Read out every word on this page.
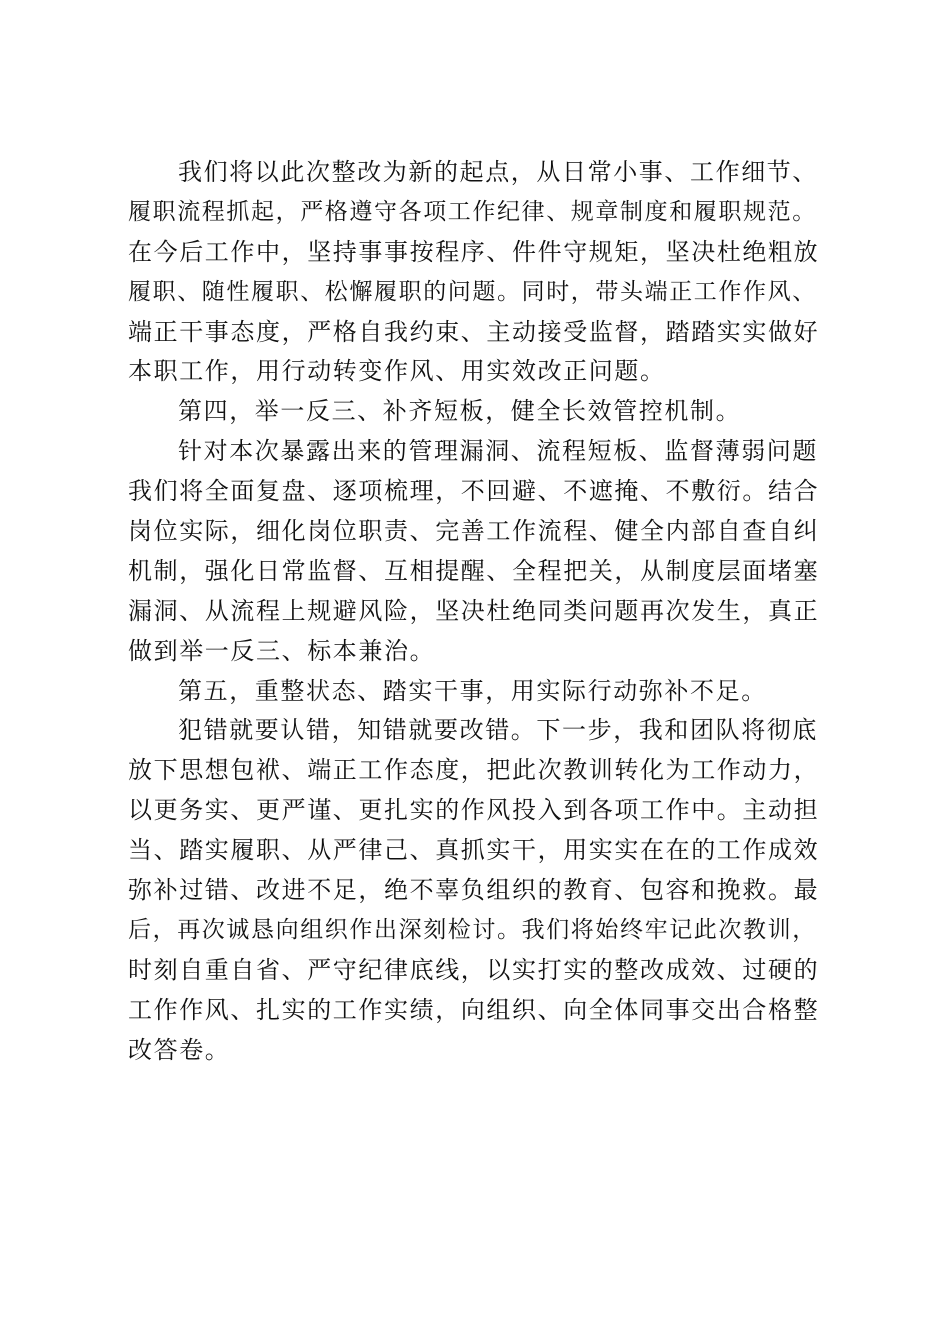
我们将以此次整改为新的起点，从日常小事、工作细节、
履职流程抓起，严格遵守各项工作纪律、规章制度和履职规范。
在今后工作中，坚持事事按程序、件件守规矩，坚决杜绝粗放
履职、随性履职、松懈履职的问题。同时，带头端正工作作风、
端正干事态度，严格自我约束、主动接受监督，踏踏实实做好
本职工作，用行动转变作风、用实效改正问题。
第四，举一反三、补齐短板，健全长效管控机制。
针对本次暴露出来的管理漏洞、流程短板、监督薄弱问题
我们将全面复盘、逐项梳理，不回避、不遮掩、不敷衍。结合
岗位实际，细化岗位职责、完善工作流程、健全内部自查自纠
机制，强化日常监督、互相提醒、全程把关，从制度层面堵塞
漏洞、从流程上规避风险，坚决杜绝同类问题再次发生，真正
做到举一反三、标本兼治。
第五，重整状态、踏实干事，用实际行动弥补不足。
犯错就要认错，知错就要改错。下一步，我和团队将彻底
放下思想包袱、端正工作态度，把此次教训转化为工作动力，
以更务实、更严谨、更扎实的作风投入到各项工作中。主动担
当、踏实履职、从严律己、真抓实干，用实实在在的工作成效
弥补过错、改进不足，绝不辜负组织的教育、包容和挽救。最
后，再次诚恳向组织作出深刻检讨。我们将始终牢记此次教训，
时刻自重自省、严守纪律底线，以实打实的整改成效、过硬的
工作作风、扎实的工作实绩，向组织、向全体同事交出合格整
改答卷。
